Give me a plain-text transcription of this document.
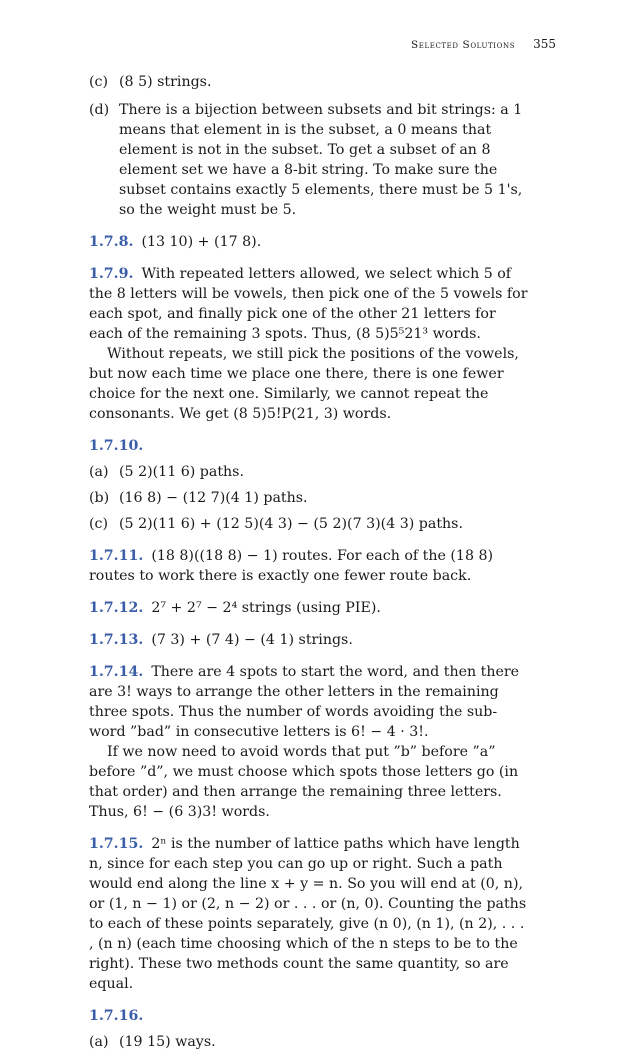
Selected Solutions 355
(c) (8 5) strings.
(d) There is a bijection between subsets and bit strings: a 1 means that element in is the subset, a 0 means that element is not in the subset. To get a subset of an 8 element set we have a 8-bit string. To make sure the subset contains exactly 5 elements, there must be 5 1's, so the weight must be 5.

1.7.8. (13 10) + (17 8).

1.7.9. With repeated letters allowed, we select which 5 of the 8 letters will be vowels, then pick one of the 5 vowels for each spot, and finally pick one of the other 21 letters for each of the remaining 3 spots. Thus, (8 5)5⁵21³ words.

Without repeats, we still pick the positions of the vowels, but now each time we place one there, there is one fewer choice for the next one. Similarly, we cannot repeat the consonants. We get (8 5)5!P(21, 3) words.

1.7.10.

(a) (5 2)(11 6) paths.
(b) (16 8) − (12 7)(4 1) paths.
(c) (5 2)(11 6) + (12 5)(4 3) − (5 2)(7 3)(4 3) paths.

1.7.11. (18 8)((18 8) − 1) routes. For each of the (18 8) routes to work there is exactly one fewer route back.

1.7.12. 2⁷ + 2⁷ − 2⁴ strings (using PIE).

1.7.13. (7 3) + (7 4) − (4 1) strings.

1.7.14. There are 4 spots to start the word, and then there are 3! ways to arrange the other letters in the remaining three spots. Thus the number of words avoiding the sub-word ”bad” in consecutive letters is 6! − 4 · 3!.

If we now need to avoid words that put ”b” before ”a” before ”d”, we must choose which spots those letters go (in that order) and then arrange the remaining three letters. Thus, 6! − (6 3)3! words.

1.7.15. 2ⁿ is the number of lattice paths which have length n, since for each step you can go up or right. Such a path would end along the line x + y = n. So you will end at (0, n), or (1, n − 1) or (2, n − 2) or . . . or (n, 0). Counting the paths to each of these points separately, give (n 0), (n 1), (n 2), . . . , (n n) (each time choosing which of the n steps to be to the right). These two methods count the same quantity, so are equal.

1.7.16.

(a) (19 15) ways.
